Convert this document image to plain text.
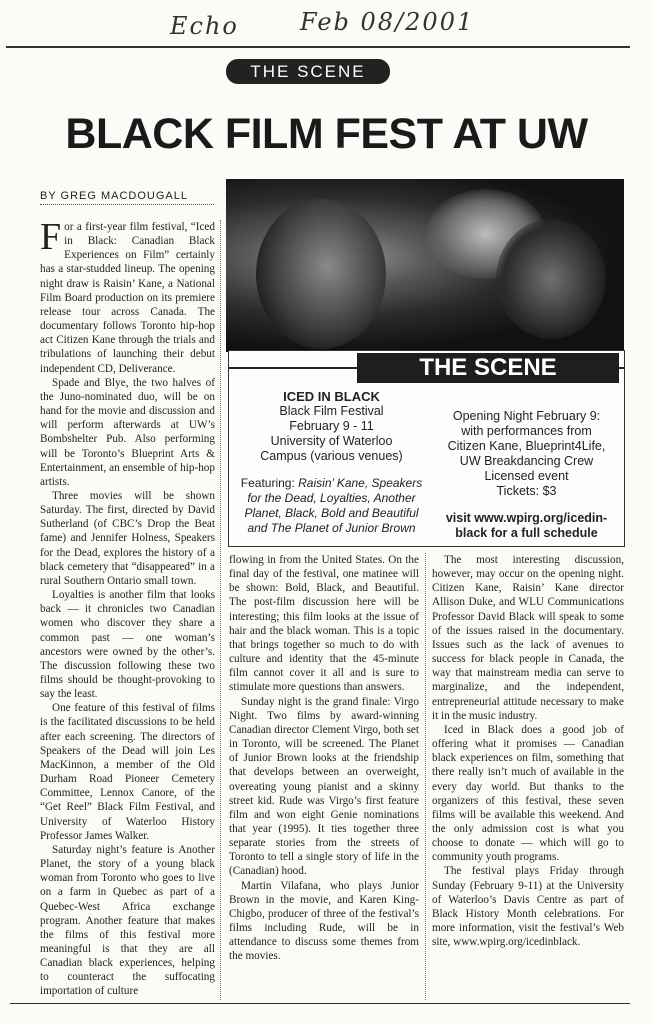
Echo	Feb 08/2001
THE SCENE
BLACK FILM FEST AT UW
BY GREG MACDOUGALL

For a first-year film festival, “Iced in Black: Canadian Black Experiences on Film” certainly has a star-studded lineup. The opening night draw is Raisin’ Kane, a National Film Board production on its premiere release tour across Canada. The documentary follows Toronto hip-hop act Citizen Kane through the trials and tribulations of launching their debut independent CD, Deliverance.

Spade and Blye, the two halves of the Juno-nominated duo, will be on hand for the movie and discussion and will perform afterwards at UW’s Bombshelter Pub. Also performing will be Toronto’s Blueprint Arts & Entertainment, an ensemble of hip-hop artists.

Three movies will be shown Saturday. The first, directed by David Sutherland (of CBC’s Drop the Beat fame) and Jennifer Holness, Speakers for the Dead, explores the history of a black cemetery that “disappeared” in a rural Southern Ontario small town.

Loyalties is another film that looks back — it chronicles two Canadian women who discover they share a common past — one woman’s ancestors were owned by the other’s. The discussion following these two films should be thought-provoking to say the least.

One feature of this festival of films is the facilitated discussions to be held after each screening. The directors of Speakers of the Dead will join Les MacKinnon, a member of the Old Durham Road Pioneer Cemetery Committee, Lennox Canore, of the “Get Reel” Black Film Festival, and University of Waterloo History Professor James Walker.

Saturday night’s feature is Another Planet, the story of a young black woman from Toronto who goes to live on a farm in Quebec as part of a Quebec-West Africa exchange program. Another feature that makes the films of this festival more meaningful is that they are all Canadian black experiences, helping to counteract the suffocating importation of culture

THE SCENE
ICED IN BLACK
Black Film Festival
February 9 - 11
University of Waterloo
Campus (various venues)
Featuring: Raisin’ Kane, Speakers for the Dead, Loyalties, Another Planet, Black, Bold and Beautiful and The Planet of Junior Brown
Opening Night February 9:
with performances from
Citizen Kane, Blueprint4Life,
UW Breakdancing Crew
Licensed event
Tickets: $3
visit www.wpirg.org/icedin-black for a full schedule

flowing in from the United States. On the final day of the festival, one matinee will be shown: Bold, Black, and Beautiful. The post-film discussion here will be interesting; this film looks at the issue of hair and the black woman. This is a topic that brings together so much to do with culture and identity that the 45-minute film cannot cover it all and is sure to stimulate more questions than answers.

Sunday night is the grand finale: Virgo Night. Two films by award-winning Canadian director Clement Virgo, both set in Toronto, will be screened. The Planet of Junior Brown looks at the friendship that develops between an overweight, overeating young pianist and a skinny street kid. Rude was Virgo’s first feature film and won eight Genie nominations that year (1995). It ties together three separate stories from the streets of Toronto to tell a single story of life in the (Canadian) hood.

Martin Vilafana, who plays Junior Brown in the movie, and Karen King-Chigbo, producer of three of the festival’s films including Rude, will be in attendance to discuss some themes from the movies.

The most interesting discussion, however, may occur on the opening night. Citizen Kane, Raisin’ Kane director Allison Duke, and WLU Communications Professor David Black will speak to some of the issues raised in the documentary. Issues such as the lack of avenues to success for black people in Canada, the way that mainstream media can serve to marginalize, and the independent, entrepreneurial attitude necessary to make it in the music industry.

Iced in Black does a good job of offering what it promises — Canadian black experiences on film, something that there really isn’t much of available in the every day world. But thanks to the organizers of this festival, these seven films will be available this weekend. And the only admission cost is what you choose to donate — which will go to community youth programs.

The festival plays Friday through Sunday (February 9-11) at the University of Waterloo’s Davis Centre as part of Black History Month celebrations. For more information, visit the festival’s Web site, www.wpirg.org/icedinblack.
